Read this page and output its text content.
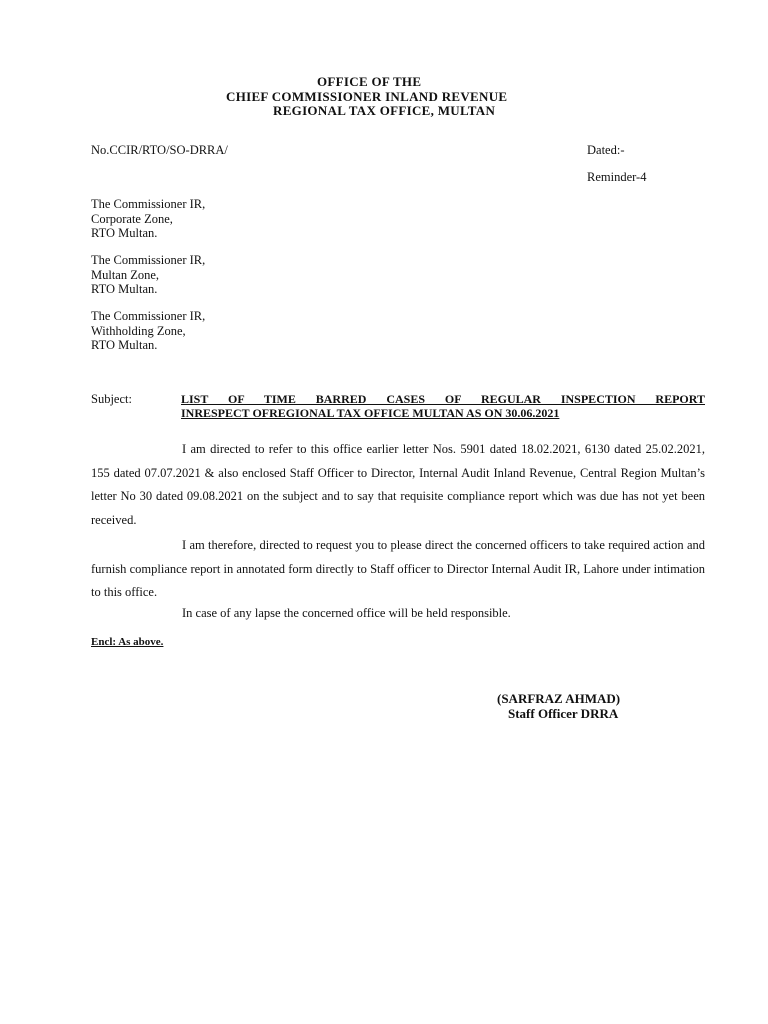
OFFICE OF THE
CHIEF COMMISSIONER INLAND REVENUE
REGIONAL TAX OFFICE, MULTAN
No.CCIR/RTO/SO-DRRA/	Dated:-
Reminder-4
The Commissioner IR,
Corporate Zone,
RTO Multan.
The Commissioner IR,
Multan Zone,
RTO Multan.
The Commissioner IR,
Withholding Zone,
RTO Multan.
Subject:	LIST OF TIME BARRED CASES OF REGULAR INSPECTION REPORT
INRESPECT OFREGIONAL TAX OFFICE MULTAN AS ON 30.06.2021
I am directed to refer to this office earlier letter Nos. 5901 dated 18.02.2021, 6130 dated 25.02.2021, 155 dated 07.07.2021 & also enclosed Staff Officer to Director, Internal Audit Inland Revenue, Central Region Multan’s letter No 30 dated 09.08.2021 on the subject and to say that requisite compliance report which was due has not yet been received.
I am therefore, directed to request you to please direct the concerned officers to take required action and furnish compliance report in annotated form directly to Staff officer to Director Internal Audit IR, Lahore under intimation to this office.
In case of any lapse the concerned office will be held responsible.
Encl: As above.
(SARFRAZ AHMAD)
Staff Officer DRRA
